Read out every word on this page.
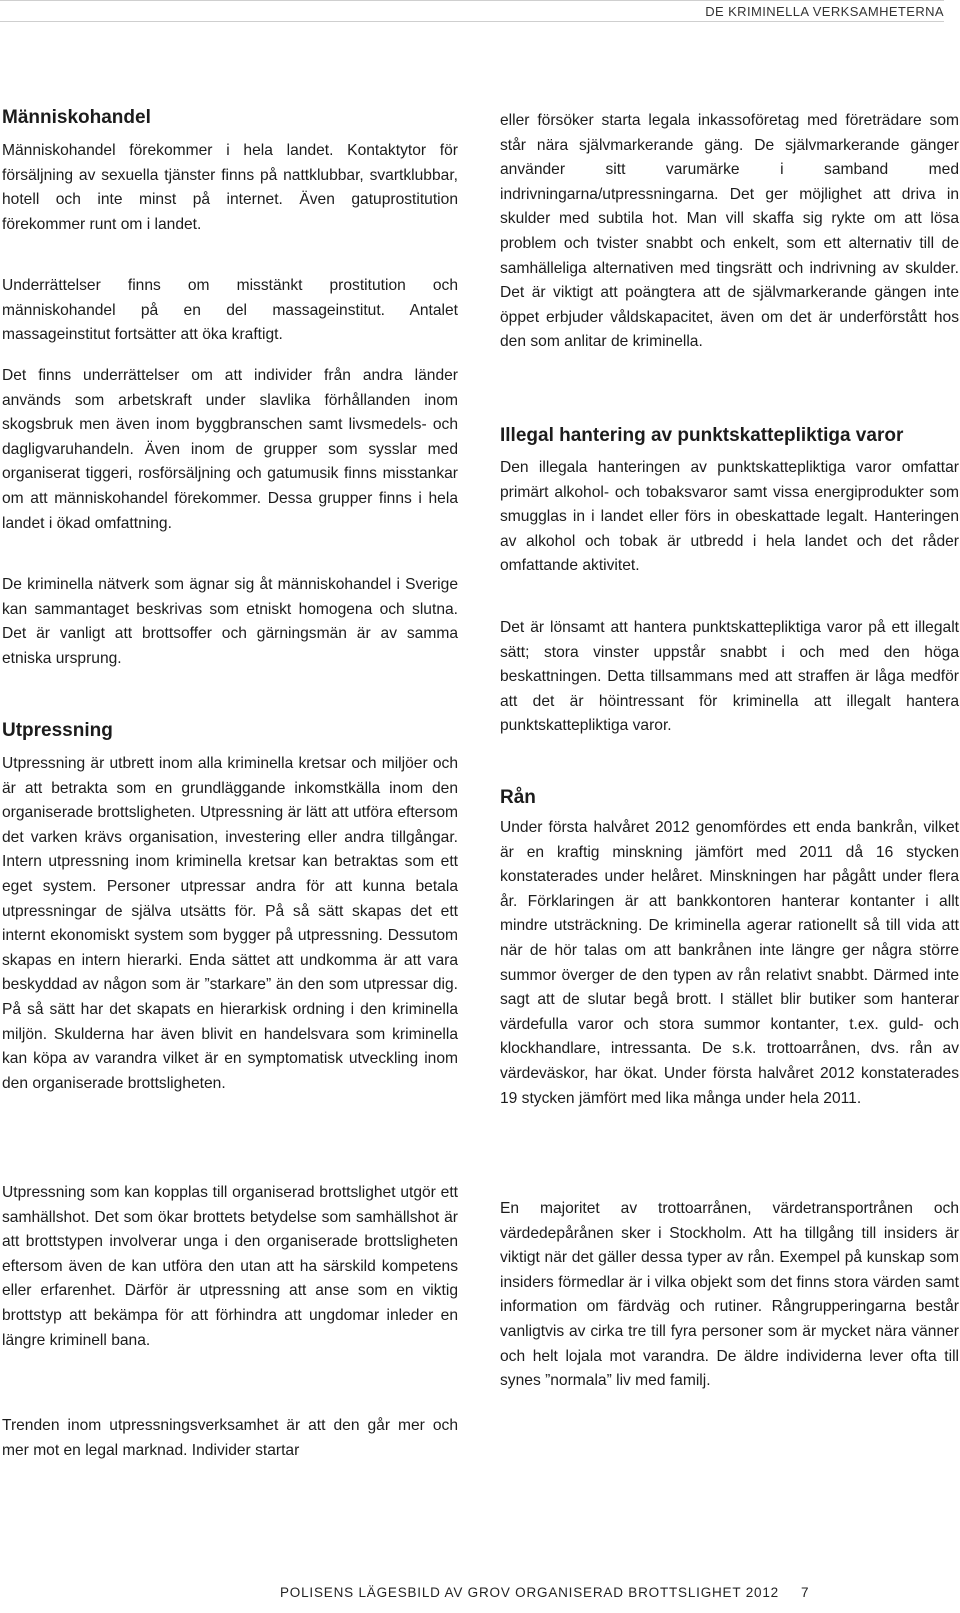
DE KRIMINELLA VERKSAMHETERNA
Människohandel

Människohandel förekommer i hela landet. Kontaktytor för försäljning av sexuella tjänster finns på nattklubbar, svartklubbar, hotell och inte minst på internet. Även gatuprostitution förekommer runt om i landet.

Underrättelser finns om misstänkt prostitution och människohandel på en del massageinstitut. Antalet massageinstitut fortsätter att öka kraftigt.

Det finns underrättelser om att individer från andra länder används som arbetskraft under slavlika förhållanden inom skogsbruk men även inom byggbranschen samt livsmedels- och dagligvaruhandeln. Även inom de grupper som sysslar med organiserat tiggeri, rosförsäljning och gatumusik finns misstankar om att människohandel förekommer. Dessa grupper finns i hela landet i ökad omfattning.

De kriminella nätverk som ägnar sig åt människohandel i Sverige kan sammantaget beskrivas som etniskt homogena och slutna. Det är vanligt att brottsoffer och gärningsmän är av samma etniska ursprung.

Utpressning

Utpressning är utbrett inom alla kriminella kretsar och miljöer och är att betrakta som en grundläggande inkomstkälla inom den organiserade brottsligheten. Utpressning är lätt att utföra eftersom det varken krävs organisation, investering eller andra tillgångar. Intern utpressning inom kriminella kretsar kan betraktas som ett eget system. Personer utpressar andra för att kunna betala utpressningar de själva utsätts för. På så sätt skapas det ett internt ekonomiskt system som bygger på utpressning. Dessutom skapas en intern hierarki. Enda sättet att undkomma är att vara beskyddad av någon som är ”starkare” än den som utpressar dig. På så sätt har det skapats en hierarkisk ordning i den kriminella miljön. Skulderna har även blivit en handelsvara som kriminella kan köpa av varandra vilket är en symptomatisk utveckling inom den organiserade brottsligheten.

Utpressning som kan kopplas till organiserad brottslighet utgör ett samhällshot. Det som ökar brottets betydelse som samhällshot är att brottstypen involverar unga i den organiserade brottsligheten eftersom även de kan utföra den utan att ha särskild kompetens eller erfarenhet. Därför är utpressning att anse som en viktig brottstyp att bekämpa för att förhindra att ungdomar inleder en längre kriminell bana.

Trenden inom utpressningsverksamhet är att den går mer och mer mot en legal marknad. Individer startar

eller försöker starta legala inkassoföretag med företrädare som står nära självmarkerande gäng. De självmarkerande gänger använder sitt varumärke i samband med indrivningarna/utpressningarna. Det ger möjlighet att driva in skulder med subtila hot. Man vill skaffa sig rykte om att lösa problem och tvister snabbt och enkelt, som ett alternativ till de samhälleliga alternativen med tingsrätt och indrivning av skulder. Det är viktigt att poängtera att de självmarkerande gängen inte öppet erbjuder våldskapacitet, även om det är underförstått hos den som anlitar de kriminella.

Illegal hantering av punktskattepliktiga varor

Den illegala hanteringen av punktskattepliktiga varor omfattar primärt alkohol- och tobaksvaror samt vissa energiprodukter som smugglas in i landet eller förs in obeskattade legalt. Hanteringen av alkohol och tobak är utbredd i hela landet och det råder omfattande aktivitet.

Det är lönsamt att hantera punktskattepliktiga varor på ett illegalt sätt; stora vinster uppstår snabbt i och med den höga beskattningen. Detta tillsammans med att straffen är låga medför att det är höintressant för kriminella att illegalt hantera punktskattepliktiga varor.

Rån

Under första halvåret 2012 genomfördes ett enda bankrån, vilket är en kraftig minskning jämfört med 2011 då 16 stycken konstaterades under helåret. Minskningen har pågått under flera år. Förklaringen är att bankkontoren hanterar kontanter i allt mindre utsträckning. De kriminella agerar rationellt så till vida att när de hör talas om att bankrånen inte längre ger några större summor överger de den typen av rån relativt snabbt. Därmed inte sagt att de slutar begå brott. I stället blir butiker som hanterar värdefulla varor och stora summor kontanter, t.ex. guld- och klockhandlare, intressanta. De s.k. trottoarrånen, dvs. rån av värdeväskor, har ökat. Under första halvåret 2012 konstaterades 19 stycken jämfört med lika många under hela 2011.

En majoritet av trottoarrånen, värdetransportrånen och värdedepårånen sker i Stockholm. Att ha tillgång till insiders är viktigt när det gäller dessa typer av rån. Exempel på kunskap som insiders förmedlar är i vilka objekt som det finns stora värden samt information om färdväg och rutiner. Rångrupperingarna består vanligtvis av cirka tre till fyra personer som är mycket nära vänner och helt lojala mot varandra. De äldre individerna lever ofta till synes ”normala” liv med familj.

POLISENS LÄGESBILD AV GROV ORGANISERAD BROTTSLIGHET 2012 7
